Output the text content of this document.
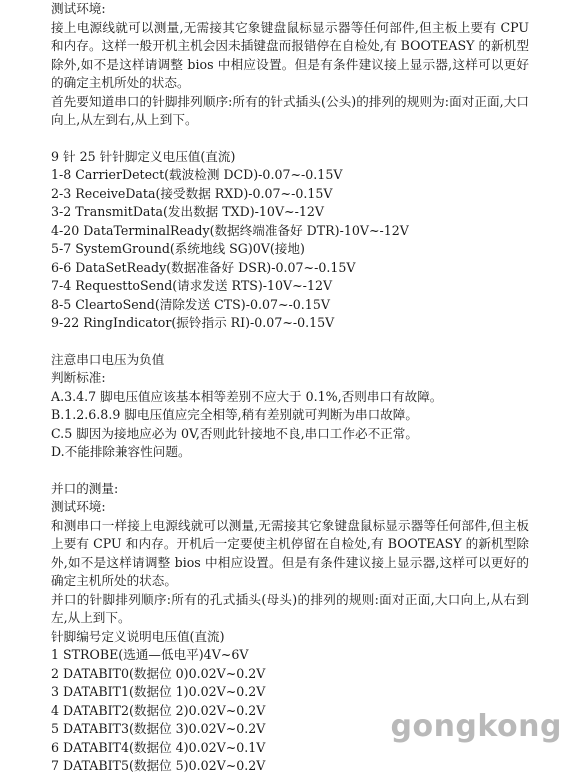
测试环境:
接上电源线就可以测量,无需接其它象键盘鼠标显示器等任何部件,但主板上要有 CPU 和内存。这样一般开机主机会因未插键盘而报错停在自检处,有 BOOTEASY 的新机型除外,如不是这样请调整 bios 中相应设置。但是有条件建议接上显示器,这样可以更好的确定主机所处的状态。
首先要知道串口的针脚排列顺序:所有的针式插头(公头)的排列的规则为:面对正面,大口向上,从左到右,从上到下。
9 针 25 针针脚定义电压值(直流)
1-8 CarrierDetect(载波检测 DCD)-0.07~-0.15V
2-3 ReceiveData(接受数据 RXD)-0.07~-0.15V
3-2 TransmitData(发出数据 TXD)-10V~-12V
4-20 DataTerminalReady(数据终端准备好 DTR)-10V~-12V
5-7 SystemGround(系统地线 SG)0V(接地)
6-6 DataSetReady(数据准备好 DSR)-0.07~-0.15V
7-4 RequesttoSend(请求发送 RTS)-10V~-12V
8-5 CleartoSend(清除发送 CTS)-0.07~-0.15V
9-22 RingIndicator(振铃指示 RI)-0.07~-0.15V
注意串口电压为负值
判断标准:
A.3.4.7 脚电压值应该基本相等差别不应大于 0.1%,否则串口有故障。
B.1.2.6.8.9 脚电压值应完全相等,稍有差别就可判断为串口故障。
C.5 脚因为接地应必为 0V,否则此针接地不良,串口工作必不正常。
D.不能排除兼容性问题。
并口的测量:
测试环境:
和测串口一样接上电源线就可以测量,无需接其它象键盘鼠标显示器等任何部件,但主板上要有 CPU 和内存。开机后一定要使主机停留在自检处,有 BOOTEASY 的新机型除外,如不是这样请调整 bios 中相应设置。但是有条件建议接上显示器,这样可以更好的确定主机所处的状态。
并口的针脚排列顺序:所有的孔式插头(母头)的排列的规则:面对正面,大口向上,从右到左,从上到下。
针脚编号定义说明电压值(直流)
1 STROBE(选通—低电平)4V~6V
2 DATABIT0(数据位 0)0.02V~0.2V
3 DATABIT1(数据位 1)0.02V~0.2V
4 DATABIT2(数据位 2)0.02V~0.2V
5 DATABIT3(数据位 3)0.02V~0.2V
6 DATABIT4(数据位 4)0.02V~0.1V
7 DATABIT5(数据位 5)0.02V~0.2V
gongkong
